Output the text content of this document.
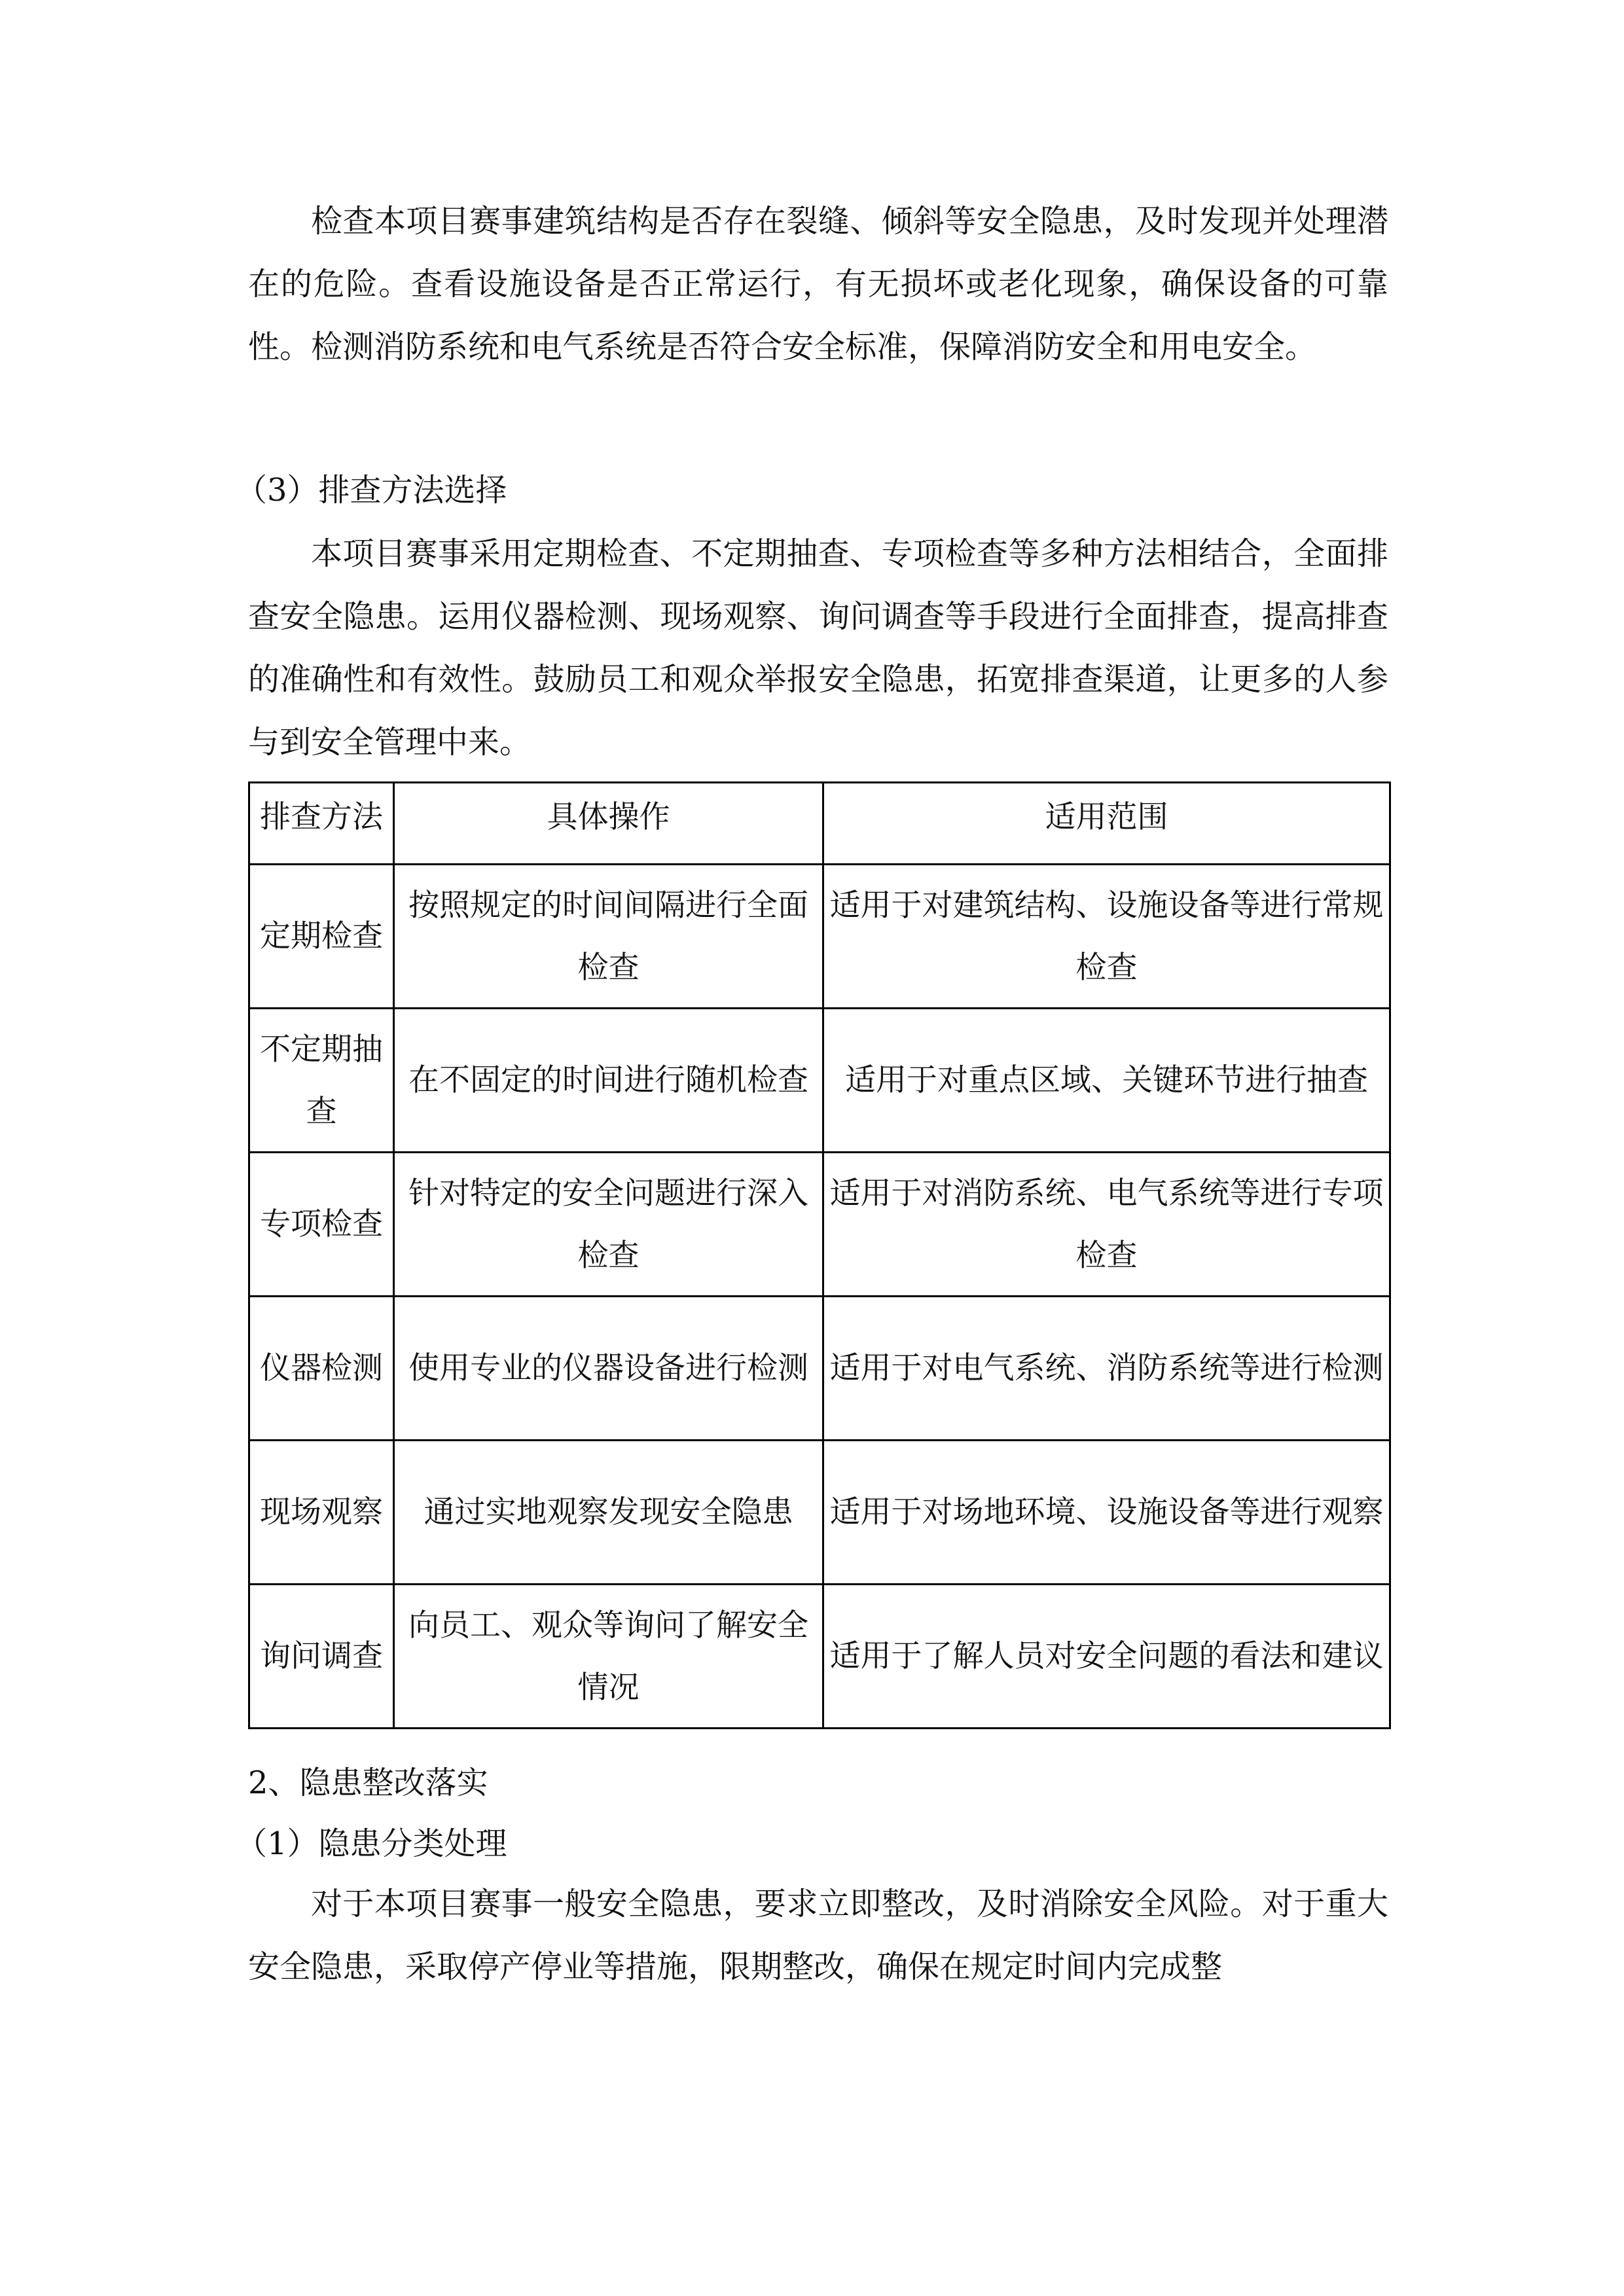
检查本项目赛事建筑结构是否存在裂缝、倾斜等安全隐患，及时发现并处理潜在的危险。查看设施设备是否正常运行，有无损坏或老化现象，确保设备的可靠性。检测消防系统和电气系统是否符合安全标准，保障消防安全和用电安全。
（3）排查方法选择
本项目赛事采用定期检查、不定期抽查、专项检查等多种方法相结合，全面排查安全隐患。运用仪器检测、现场观察、询问调查等手段进行全面排查，提高排查的准确性和有效性。鼓励员工和观众举报安全隐患，拓宽排查渠道，让更多的人参与到安全管理中来。
排查方法	具体操作	适用范围
定期检查	按照规定的时间间隔进行全面检查	适用于对建筑结构、设施设备等进行常规检查
不定期抽查	在不固定的时间进行随机检查	适用于对重点区域、关键环节进行抽查
专项检查	针对特定的安全问题进行深入检查	适用于对消防系统、电气系统等进行专项检查
仪器检测	使用专业的仪器设备进行检测	适用于对电气系统、消防系统等进行检测
现场观察	通过实地观察发现安全隐患	适用于对场地环境、设施设备等进行观察
询问调查	向员工、观众等询问了解安全情况	适用于了解人员对安全问题的看法和建议
2、隐患整改落实
（1）隐患分类处理
对于本项目赛事一般安全隐患，要求立即整改，及时消除安全风险。对于重大安全隐患，采取停产停业等措施，限期整改，确保在规定时间内完成整
